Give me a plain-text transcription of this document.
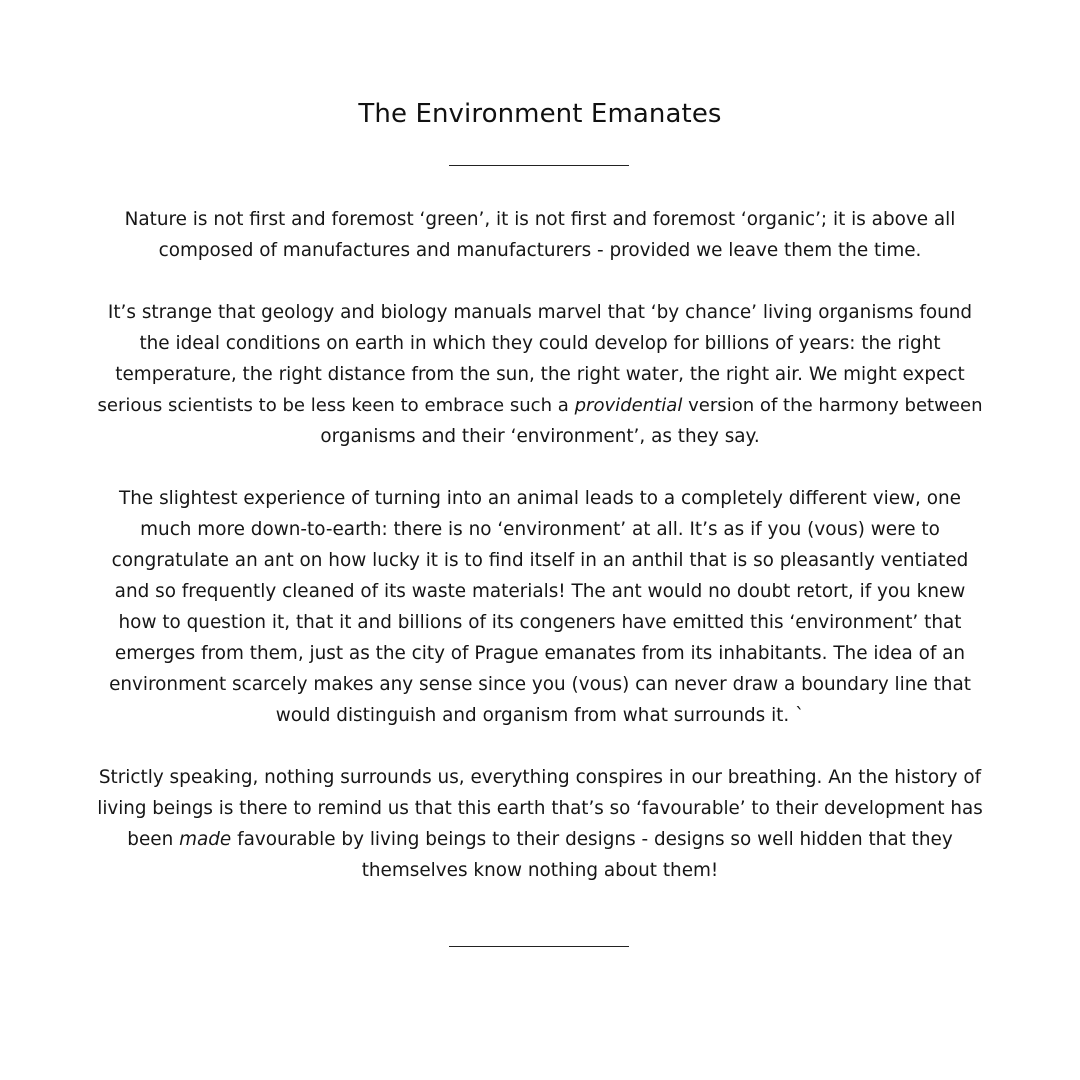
The Environment Emanates

Nature is not first and foremost ‘green’, it is not first and foremost ‘organic’; it is above all
composed of manufactures and manufacturers - provided we leave them the time.

It’s strange that geology and biology manuals marvel that ‘by chance’ living organisms found
the ideal conditions on earth in which they could develop for billions of years: the right
temperature, the right distance from the sun, the right water, the right air. We might expect
serious scientists to be less keen to embrace such a providential version of the harmony between
organisms and their ‘environment’, as they say.

The slightest experience of turning into an animal leads to a completely different view, one
much more down-to-earth: there is no ‘environment’ at all. It’s as if you (vous) were to
congratulate an ant on how lucky it is to find itself in an anthil that is so pleasantly ventiated
and so frequently cleaned of its waste materials! The ant would no doubt retort, if you knew
how to question it, that it and billions of its congeners have emitted this ‘environment’ that
emerges from them, just as the city of Prague emanates from its inhabitants. The idea of an
environment scarcely makes any sense since you (vous) can never draw a boundary line that
would distinguish and organism from what surrounds it. `

Strictly speaking, nothing surrounds us, everything conspires in our breathing. An the history of
living beings is there to remind us that this earth that’s so ‘favourable’ to their development has
been made favourable by living beings to their designs - designs so well hidden that they
themselves know nothing about them!
